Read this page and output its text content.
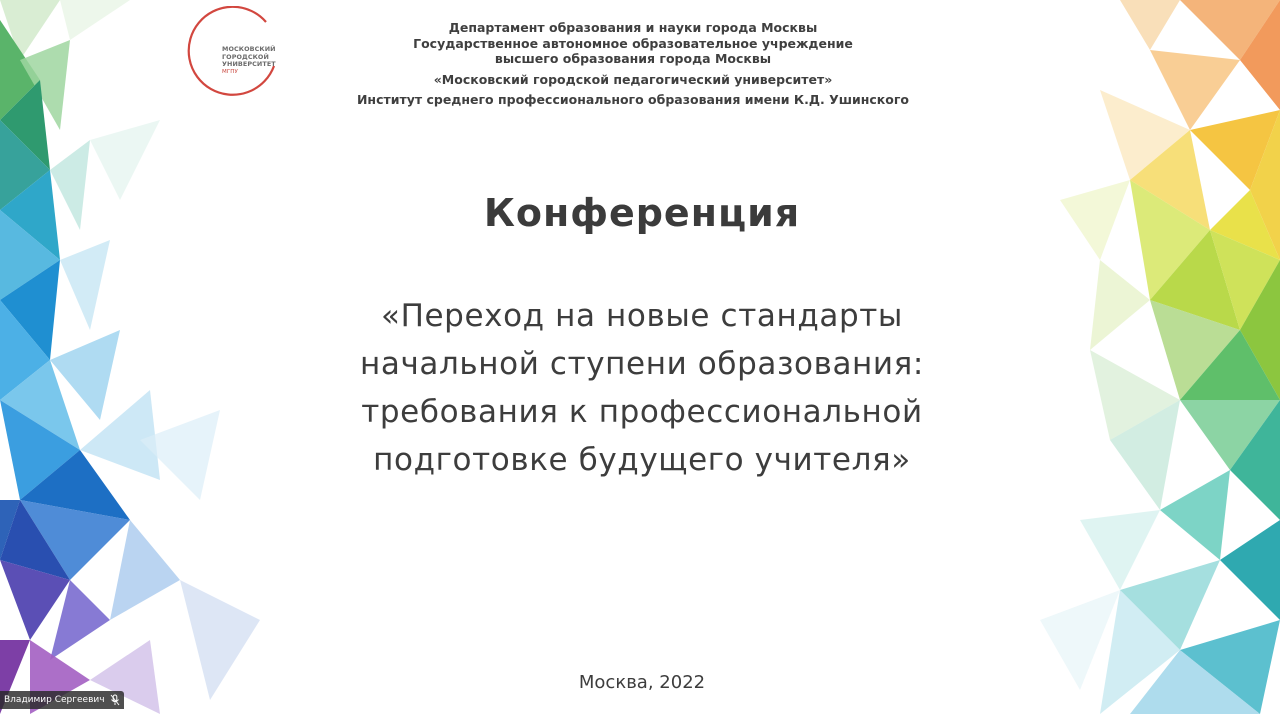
МОСКОВСКИЙ
ГОРОДСКОЙ
УНИВЕРСИТЕТ
МГПУ
Департамент образования и науки города Москвы
Государственное автономное образовательное учреждение
высшего образования города Москвы
«Московский городской педагогический университет»
Институт среднего профессионального образования имени К.Д. Ушинского
Конференция
«Переход на новые стандарты
начальной ступени образования:
требования к профессиональной
подготовке будущего учителя»
Москва, 2022
Владимир Сергеевич
